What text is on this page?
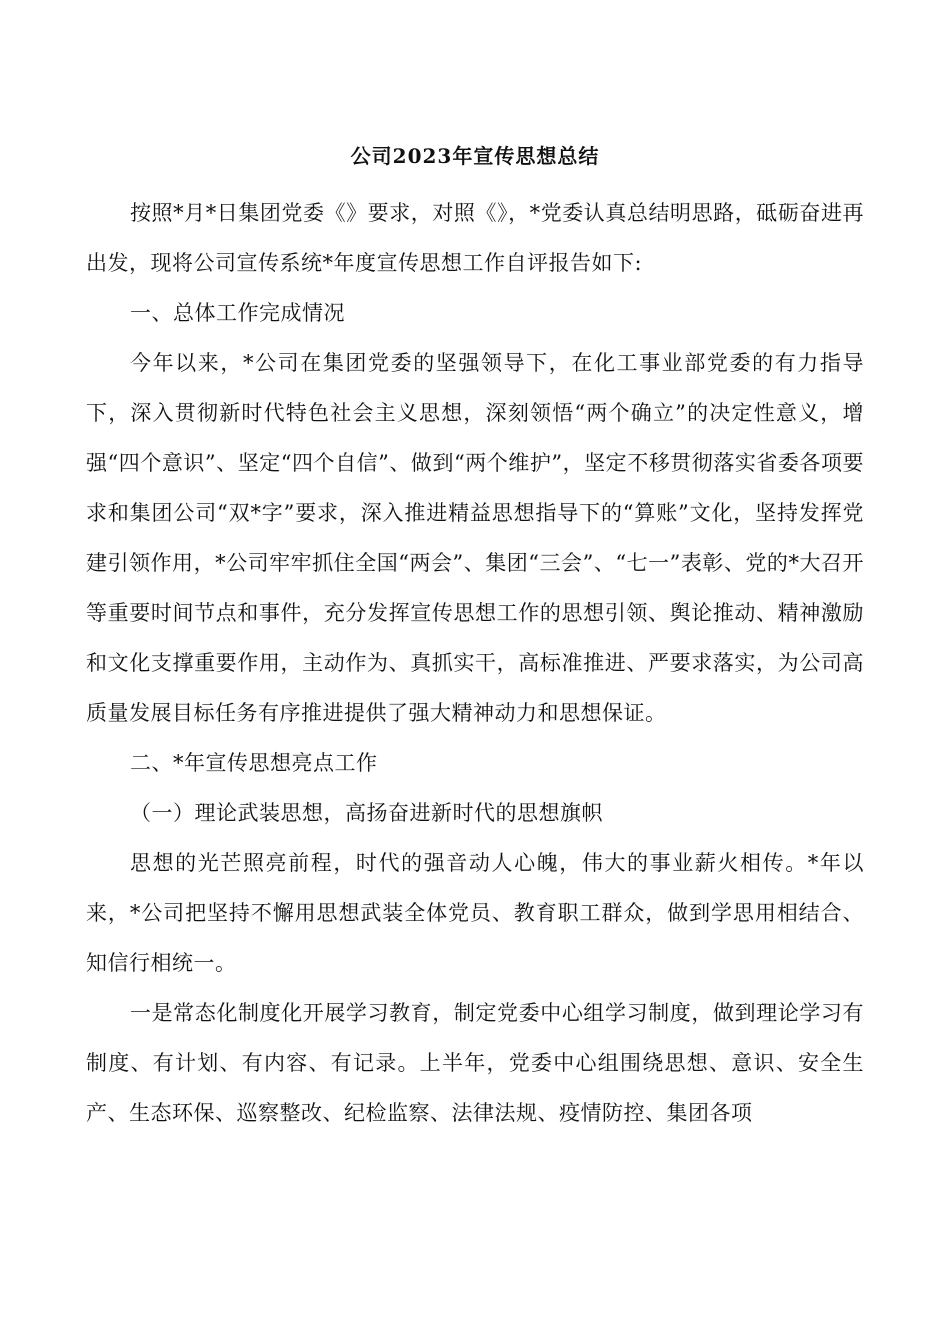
公司2023年宣传思想总结

按照*月*日集团党委《》要求，对照《》，*党委认真总结明思路，砥砺奋进再出发，现将公司宣传系统*年度宣传思想工作自评报告如下:

一、总体工作完成情况

今年以来，*公司在集团党委的坚强领导下，在化工事业部党委的有力指导下，深入贯彻新时代特色社会主义思想，深刻领悟“两个确立”的决定性意义，增强“四个意识”、坚定“四个自信”、做到“两个维护”，坚定不移贯彻落实省委各项要求和集团公司“双*字”要求，深入推进精益思想指导下的“算账”文化，坚持发挥党建引领作用，*公司牢牢抓住全国“两会”、集团“三会”、“七一”表彰、党的*大召开等重要时间节点和事件，充分发挥宣传思想工作的思想引领、舆论推动、精神激励和文化支撑重要作用，主动作为、真抓实干，高标准推进、严要求落实，为公司高质量发展目标任务有序推进提供了强大精神动力和思想保证。

二、*年宣传思想亮点工作

（一）理论武装思想，高扬奋进新时代的思想旗帜

思想的光芒照亮前程，时代的强音动人心魄，伟大的事业薪火相传。*年以来，*公司把坚持不懈用思想武装全体党员、教育职工群众，做到学思用相结合、知信行相统一。

一是常态化制度化开展学习教育，制定党委中心组学习制度，做到理论学习有制度、有计划、有内容、有记录。上半年，党委中心组围绕思想、意识、安全生产、生态环保、巡察整改、纪检监察、法律法规、疫情防控、集团各项
